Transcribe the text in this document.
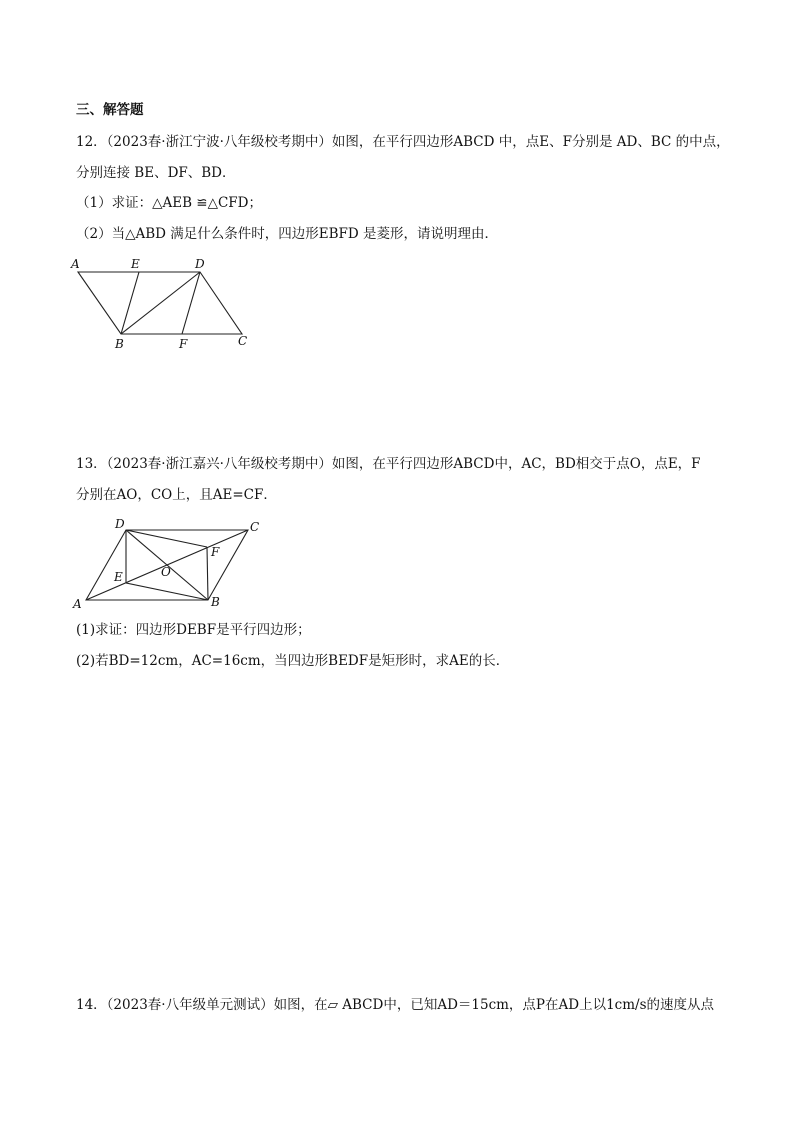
三、解答题
12．（2023春·浙江宁波·八年级校考期中）如图，在平行四边形ABCD 中，点E、F分别是 AD、BC 的中点，
分别连接 BE、DF、BD．
（1）求证：△AEB ≌△CFD；
（2）当△ABD 满足什么条件时，四边形EBFD 是菱形，请说明理由．
A	E	D
B	F	C
13．（2023春·浙江嘉兴·八年级校考期中）如图，在平行四边形ABCD中，AC，BD相交于点O，点E，F
分别在AO，CO上，且AE=CF．
D	C
F
O
E
A	B
(1)求证：四边形DEBF是平行四边形；
(2)若BD=12cm，AC=16cm，当四边形BEDF是矩形时，求AE的长．
14．（2023春·八年级单元测试）如图，在▱ ABCD中，已知AD＝15cm，点P在AD上以1cm/s的速度从点
